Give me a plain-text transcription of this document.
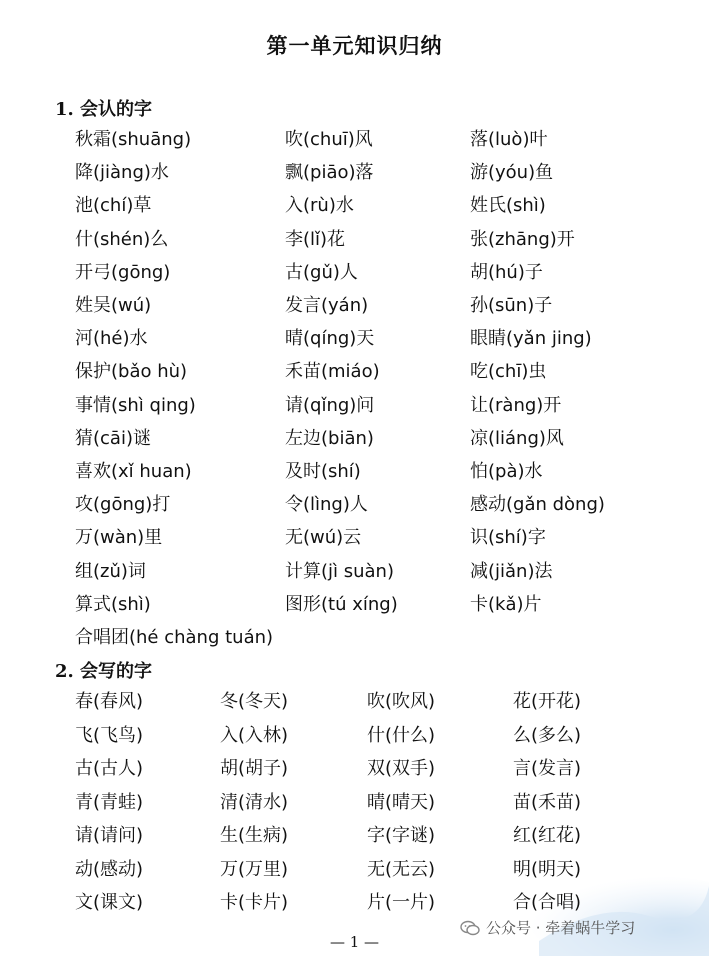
第一单元知识归纳
1. 会认的字
秋霜(shuāng)	吹(chuī)风	落(luò)叶
降(jiàng)水	飘(piāo)落	游(yóu)鱼
池(chí)草	入(rù)水	姓氏(shì)
什(shén)么	李(lǐ)花	张(zhāng)开
开弓(gōng)	古(gǔ)人	胡(hú)子
姓吴(wú)	发言(yán)	孙(sūn)子
河(hé)水	晴(qíng)天	眼睛(yǎn jing)
保护(bǎo hù)	禾苗(miáo)	吃(chī)虫
事情(shì qing)	请(qǐng)问	让(ràng)开
猜(cāi)谜	左边(biān)	凉(liáng)风
喜欢(xǐ huan)	及时(shí)	怕(pà)水
攻(gōng)打	令(lìng)人	感动(gǎn dòng)
万(wàn)里	无(wú)云	识(shí)字
组(zǔ)词	计算(jì suàn)	减(jiǎn)法
算式(shì)	图形(tú xíng)	卡(kǎ)片
合唱团(hé chàng tuán)
2. 会写的字
春(春风)	冬(冬天)	吹(吹风)	花(开花)
飞(飞鸟)	入(入林)	什(什么)	么(多么)
古(古人)	胡(胡子)	双(双手)	言(发言)
青(青蛙)	清(清水)	晴(晴天)	苗(禾苗)
请(请问)	生(生病)	字(字谜)	红(红花)
动(感动)	万(万里)	无(无云)	明(明天)
文(课文)	卡(卡片)	片(一片)	合(合唱)
公众号 · 牵着蜗牛学习
— 1 —
